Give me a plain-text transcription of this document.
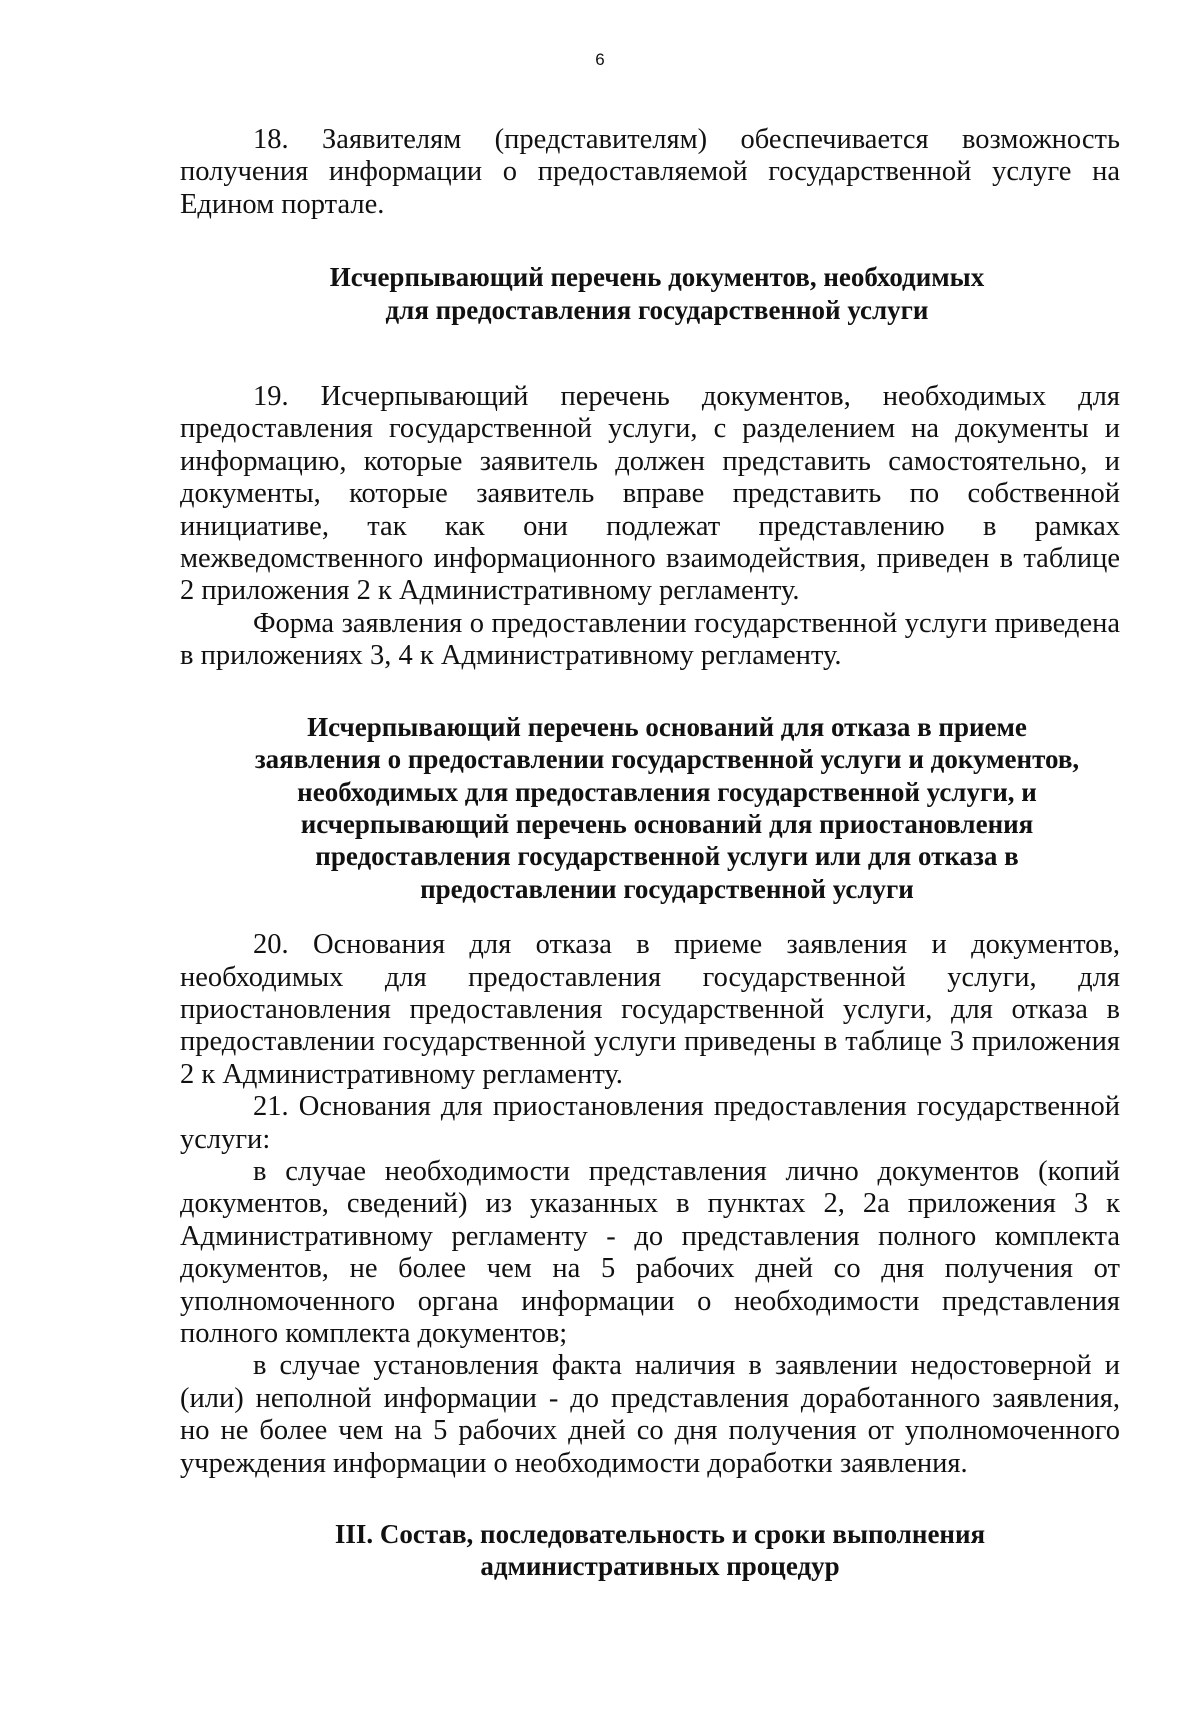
6

18. Заявителям (представителям) обеспечивается возможность получения информации о предоставляемой государственной услуге на Едином портале.

Исчерпывающий перечень документов, необходимых
для предоставления государственной услуги

19. Исчерпывающий перечень документов, необходимых для предоставления государственной услуги, с разделением на документы и информацию, которые заявитель должен представить самостоятельно, и документы, которые заявитель вправе представить по собственной инициативе, так как они подлежат представлению в рамках межведомственного информационного взаимодействия, приведен в таблице 2 приложения 2 к Административному регламенту.

Форма заявления о предоставлении государственной услуги приведена в приложениях 3, 4 к Административному регламенту.

Исчерпывающий перечень оснований для отказа в приеме
заявления о предоставлении государственной услуги и документов,
необходимых для предоставления государственной услуги, и
исчерпывающий перечень оснований для приостановления
предоставления государственной услуги или для отказа в
предоставлении государственной услуги

20. Основания для отказа в приеме заявления и документов, необходимых для предоставления государственной услуги, для приостановления предоставления государственной услуги, для отказа в предоставлении государственной услуги приведены в таблице 3 приложения 2 к Административному регламенту.

21. Основания для приостановления предоставления государственной услуги:

в случае необходимости представления лично документов (копий документов, сведений) из указанных в пунктах 2, 2а приложения 3 к Административному регламенту - до представления полного комплекта документов, не более чем на 5 рабочих дней со дня получения от уполномоченного органа информации о необходимости представления полного комплекта документов;

в случае установления факта наличия в заявлении недостоверной и (или) неполной информации - до представления доработанного заявления, но не более чем на 5 рабочих дней со дня получения от уполномоченного учреждения информации о необходимости доработки заявления.

III. Состав, последовательность и сроки выполнения
административных процедур
